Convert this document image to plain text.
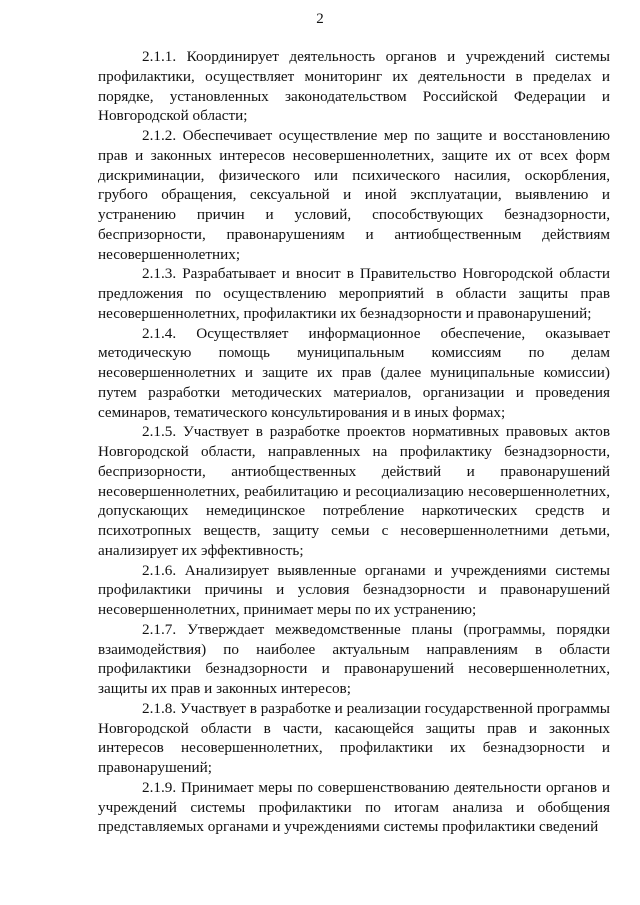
2

2.1.1. Координирует деятельность органов и учреждений системы профилактики, осуществляет мониторинг их деятельности в пределах и порядке, установленных законодательством Российской Федерации и Новгородской области;

2.1.2. Обеспечивает осуществление мер по защите и восстановлению прав и законных интересов несовершеннолетних, защите их от всех форм дискриминации, физического или психического насилия, оскорбления, грубого обращения, сексуальной и иной эксплуатации, выявлению и устранению причин и условий, способствующих безнадзорности, беспризорности, правонарушениям и антиобщественным действиям несовершеннолетних;

2.1.3. Разрабатывает и вносит в Правительство Новгородской области предложения по осуществлению мероприятий в области защиты прав несовершеннолетних, профилактики их безнадзорности и правонарушений;

2.1.4. Осуществляет информационное обеспечение, оказывает методическую помощь муниципальным комиссиям по делам несовершеннолетних и защите их прав (далее муниципальные комиссии) путем разработки методических материалов, организации и проведения семинаров, тематического консультирования и в иных формах;

2.1.5. Участвует в разработке проектов нормативных правовых актов Новгородской области, направленных на профилактику безнадзорности, беспризорности, антиобщественных действий и правонарушений несовершеннолетних, реабилитацию и ресоциализацию несовершеннолетних, допускающих немедицинское потребление наркотических средств и психотропных веществ, защиту семьи с несовершеннолетними детьми, анализирует их эффективность;

2.1.6. Анализирует выявленные органами и учреждениями системы профилактики причины и условия безнадзорности и правонарушений несовершеннолетних, принимает меры по их устранению;

2.1.7. Утверждает межведомственные планы (программы, порядки взаимодействия) по наиболее актуальным направлениям в области профилактики безнадзорности и правонарушений несовершеннолетних, защиты их прав и законных интересов;

2.1.8. Участвует в разработке и реализации государственной программы Новгородской области в части, касающейся защиты прав и законных интересов несовершеннолетних, профилактики их безнадзорности и правонарушений;

2.1.9. Принимает меры по совершенствованию деятельности органов и учреждений системы профилактики по итогам анализа и обобщения представляемых органами и учреждениями системы профилактики сведений
